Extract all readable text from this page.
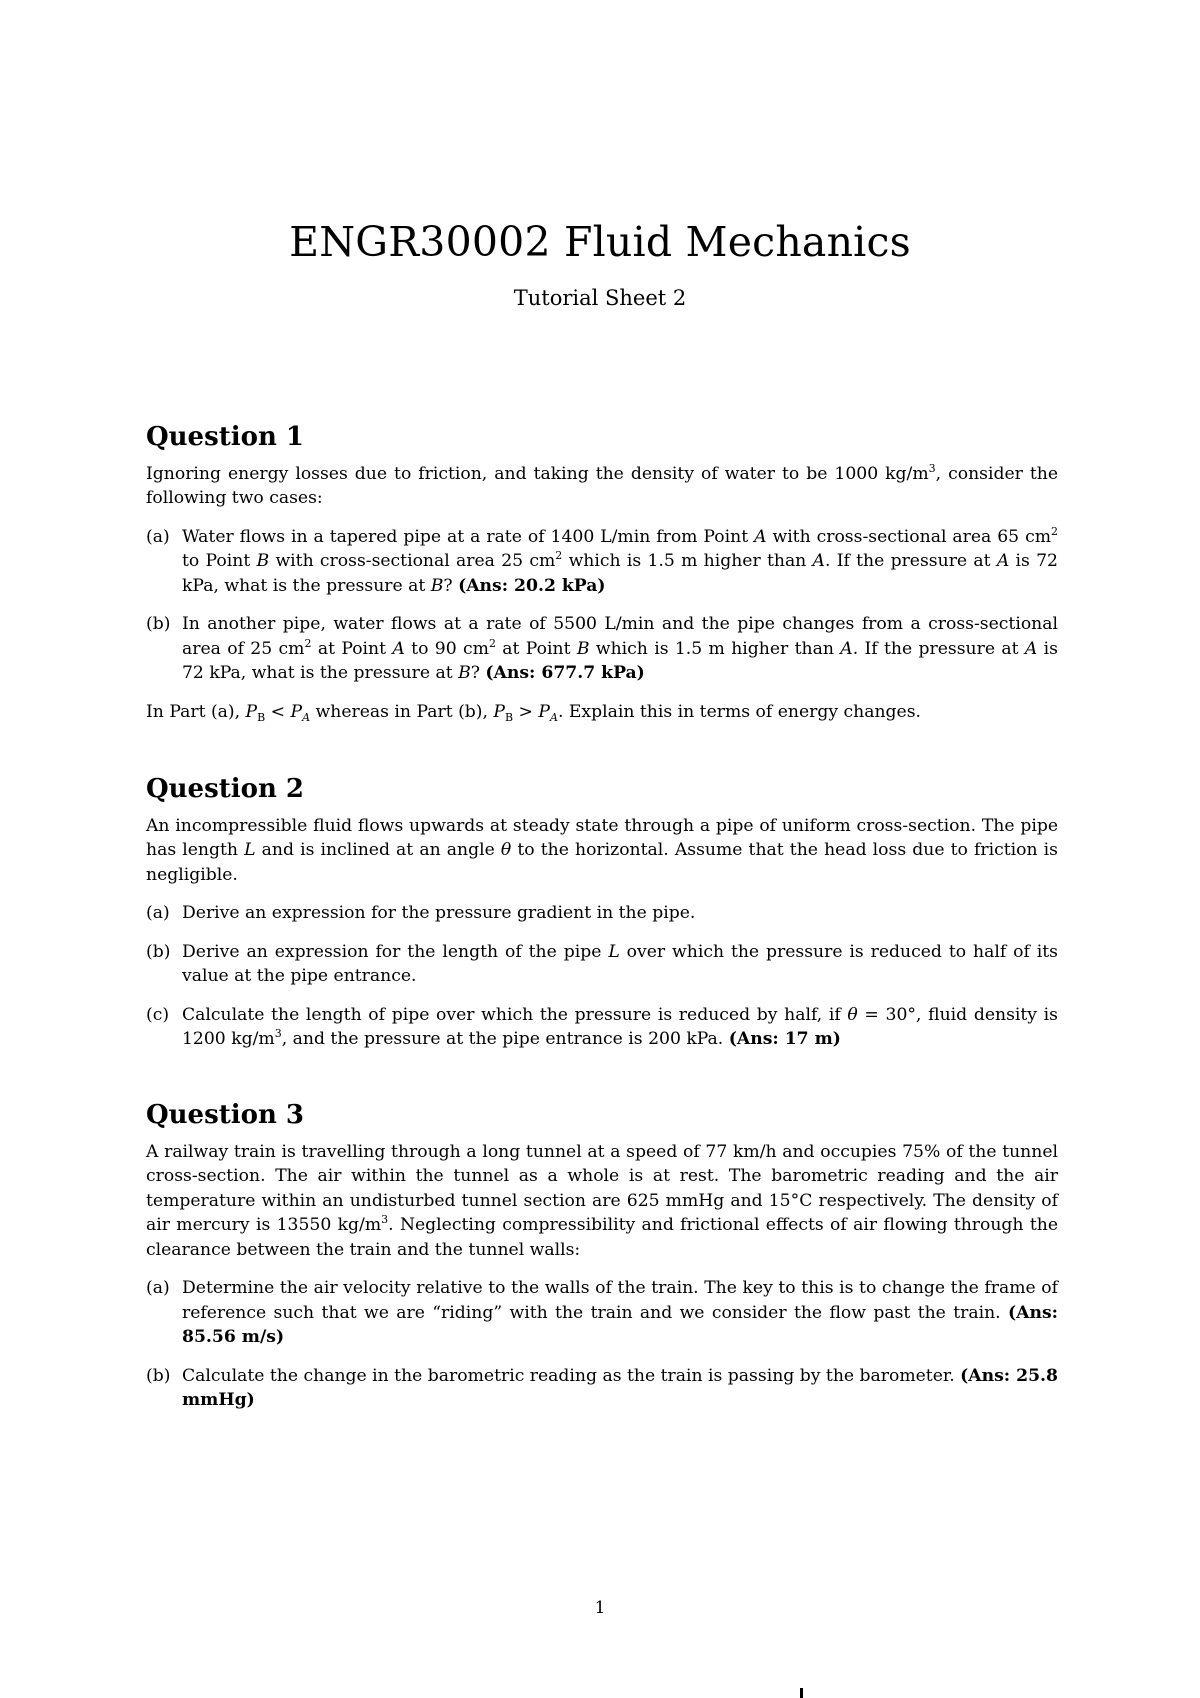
ENGR30002 Fluid Mechanics
Tutorial Sheet 2
Question 1

Ignoring energy losses due to friction, and taking the density of water to be 1000 $kg/m^3$, consider the following two cases:

(a) Water flows in a tapered pipe at a rate of 1400 L/min from Point A with cross-sectional area 65 $cm^2$ to Point B with cross-sectional area 25 $cm^2$ which is 1.5 m higher than A. If the pressure at A is 72 kPa, what is the pressure at B? (Ans: 20.2 kPa)
(b) In another pipe, water flows at a rate of 5500 L/min and the pipe changes from a cross-sectional area of 25 $cm^2$ at Point A to 90 $cm^2$ at Point B which is 1.5 m higher than A. If the pressure at A is 72 kPa, what is the pressure at B? (Ans: 677.7 kPa)

In Part (a), $P_B < P_A$ whereas in Part (b), $P_B > P_A$. Explain this in terms of energy changes.

Question 2

An incompressible fluid flows upwards at steady state through a pipe of uniform cross-section. The pipe has length L and is inclined at an angle θ to the horizontal. Assume that the head loss due to friction is negligible.

(a) Derive an expression for the pressure gradient in the pipe.
(b) Derive an expression for the length of the pipe L over which the pressure is reduced to half of its value at the pipe entrance.
(c) Calculate the length of pipe over which the pressure is reduced by half, if θ = 30°, fluid density is 1200 $kg/m^3$, and the pressure at the pipe entrance is 200 kPa. (Ans: 17 m)
Question 3

A railway train is travelling through a long tunnel at a speed of 77 km/h and occupies 75% of the tunnel cross-section. The air within the tunnel as a whole is at rest. The barometric reading and the air temperature within an undisturbed tunnel section are 625 mmHg and 15°C respectively. The density of air mercury is 13550 $kg/m^3$. Neglecting compressibility and frictional effects of air flowing through the clearance between the train and the tunnel walls:

(a) Determine the air velocity relative to the walls of the train. The key to this is to change the frame of reference such that we are “riding” with the train and we consider the flow past the train. (Ans: 85.56 m/s)
(b) Calculate the change in the barometric reading as the train is passing by the barometer. (Ans: 25.8 mmHg)
1
